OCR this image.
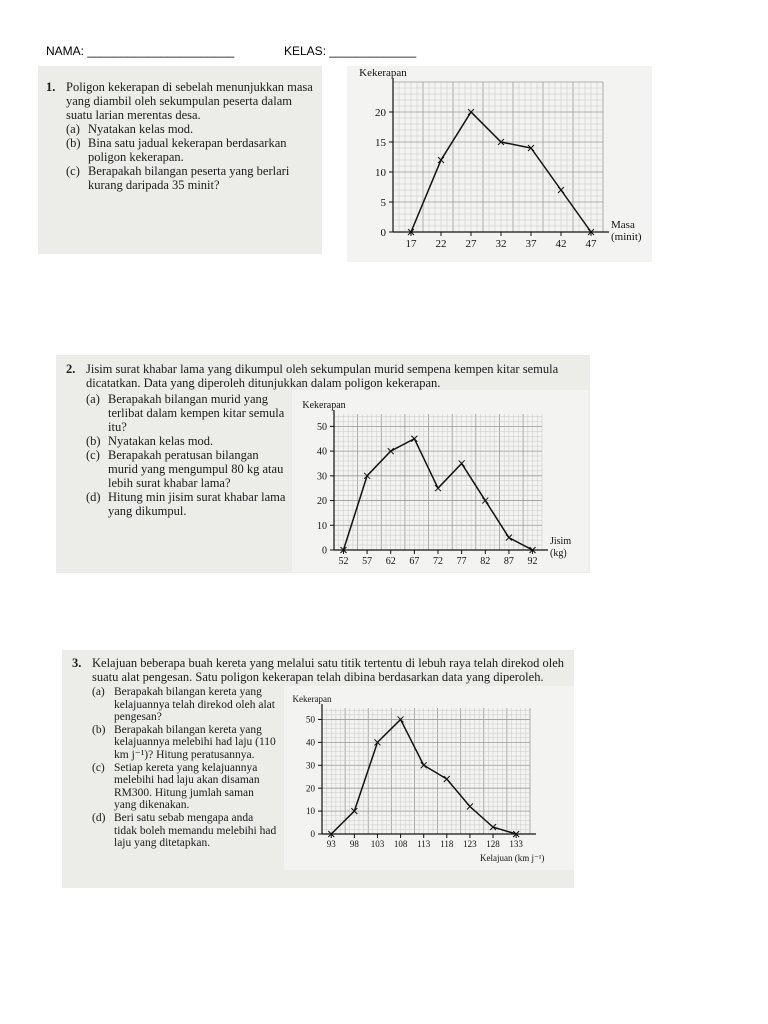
NAMA: ______________________	KELAS: _____________
1. Poligon kekerapan di sebelah menunjukkan masa yang diambil oleh sekumpulan peserta dalam suatu larian merentas desa.

(a) Nyatakan kelas mod.
(b) Bina satu jadual kekerapan berdasarkan poligon kekerapan.
(c) Berapakah bilangan peserta yang berlari kurang daripada 35 minit?
0
5
10
15
20
17 22 27 32 37 42 47
Kekerapan
Masa (minit)
2. Jisim surat khabar lama yang dikumpul oleh sekumpulan murid sempena kempen kitar semula dicatatkan. Data yang diperoleh ditunjukkan dalam poligon kekerapan.

(a) Berapakah bilangan murid yang terlibat dalam kempen kitar semula itu?
(b) Nyatakan kelas mod.
(c) Berapakah peratusan bilangan murid yang mengumpul 80 kg atau lebih surat khabar lama?
(d) Hitung min jisim surat khabar lama yang dikumpul.
0
10
20
30
40
50
52 57 62 67 72 77 82 87 92
Kekerapan
Jisim (kg)
3. Kelajuan beberapa buah kereta yang melalui satu titik tertentu di lebuh raya telah direkod oleh suatu alat pengesan. Satu poligon kekerapan telah dibina berdasarkan data yang diperoleh.

(a) Berapakah bilangan kereta yang kelajuannya telah direkod oleh alat pengesan?
(b) Berapakah bilangan kereta yang kelajuannya melebihi had laju (110 km j⁻¹)? Hitung peratusannya.
(c) Setiap kereta yang kelajuannya melebihi had laju akan disaman RM300. Hitung jumlah saman yang dikenakan.
(d) Beri satu sebab mengapa anda tidak boleh memandu melebihi had laju yang ditetapkan.
0
10
20
30
40
50
93 98 103 108 113 118 123 128 133
Kekerapan
Kelajuan (km j⁻¹)
